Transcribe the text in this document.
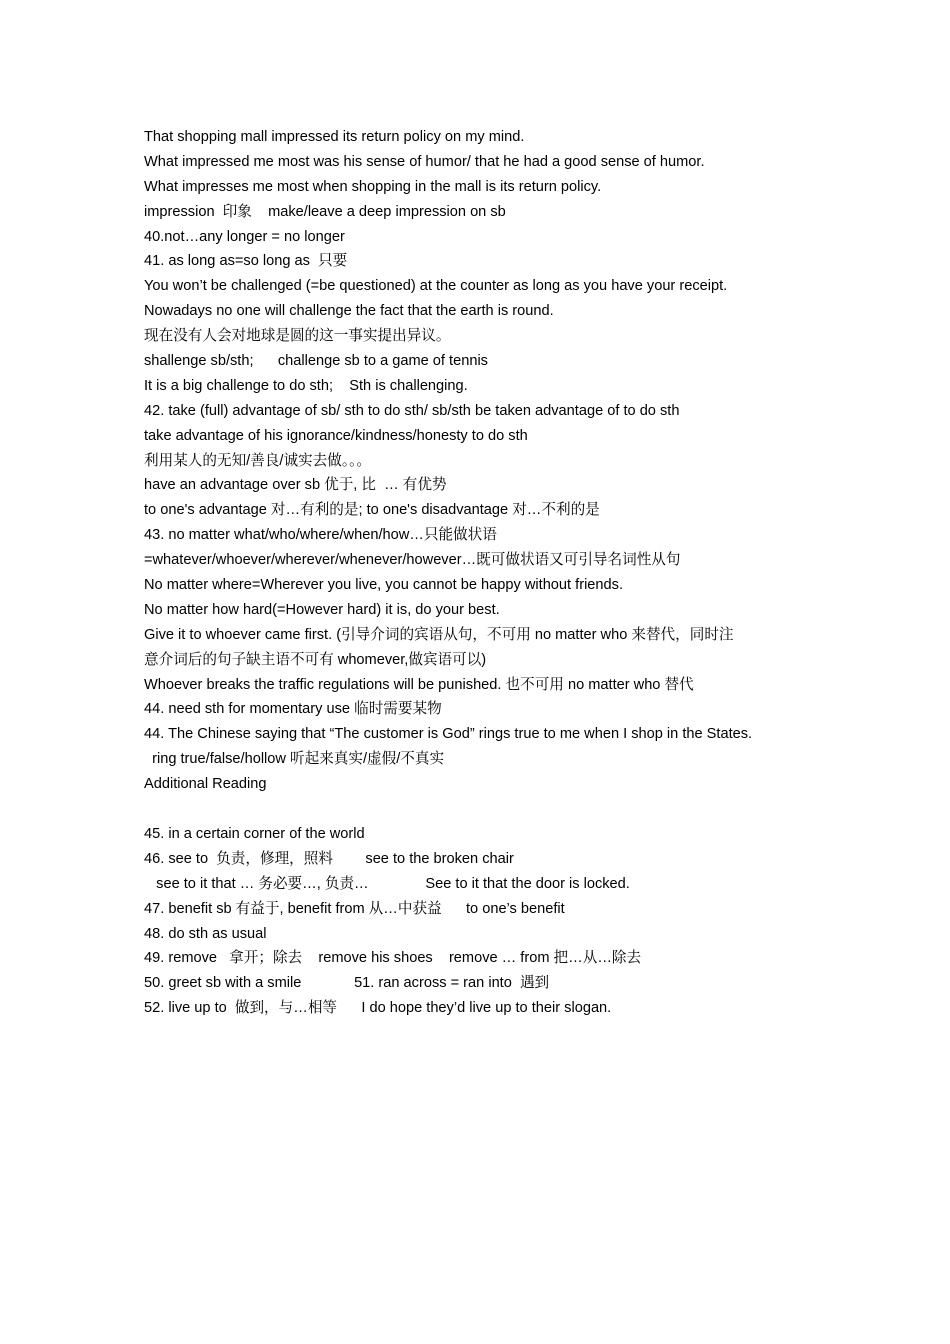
That shopping mall impressed its return policy on my mind.
What impressed me most was his sense of humor/ that he had a good sense of humor.
What impresses me most when shopping in the mall is its return policy.
impression  印象    make/leave a deep impression on sb
40.not…any longer = no longer
41. as long as=so long as  只要
You won’t be challenged (=be questioned) at the counter as long as you have your receipt.
Nowadays no one will challenge the fact that the earth is round.
现在没有人会对地球是圆的这一事实提出异议。
shallenge sb/sth;      challenge sb to a game of tennis
It is a big challenge to do sth;    Sth is challenging.
42. take (full) advantage of sb/ sth to do sth/ sb/sth be taken advantage of to do sth
take advantage of his ignorance/kindness/honesty to do sth
利用某人的无知/善良/诚实去做。。。
have an advantage over sb 优于, 比  … 有优势
to one's advantage 对…有利的是; to one's disadvantage 对…不利的是
43. no matter what/who/where/when/how…只能做状语
=whatever/whoever/wherever/whenever/however…既可做状语又可引导名词性从句
No matter where=Wherever you live, you cannot be happy without friends.
No matter how hard(=However hard) it is, do your best.
Give it to whoever came first. (引导介词的宾语从句，不可用 no matter who 来替代，同时注
意介词后的句子缺主语不可有 whomever,做宾语可以)
Whoever breaks the traffic regulations will be punished. 也不可用 no matter who 替代
44. need sth for momentary use 临时需要某物
44. The Chinese saying that “The customer is God” rings true to me when I shop in the States.
ring true/false/hollow 听起来真实/虚假/不真实
Additional Reading
45. in a certain corner of the world
46. see to  负责，修理，照料        see to the broken chair
see to it that … 务必要…, 负责…              See to it that the door is locked.
47. benefit sb 有益于, benefit from 从…中获益      to one’s benefit
48. do sth as usual
49. remove   拿开；除去    remove his shoes    remove … from 把…从…除去
50. greet sb with a smile             51. ran across = ran into  遇到
52. live up to  做到，与…相等      I do hope they’d live up to their slogan.
